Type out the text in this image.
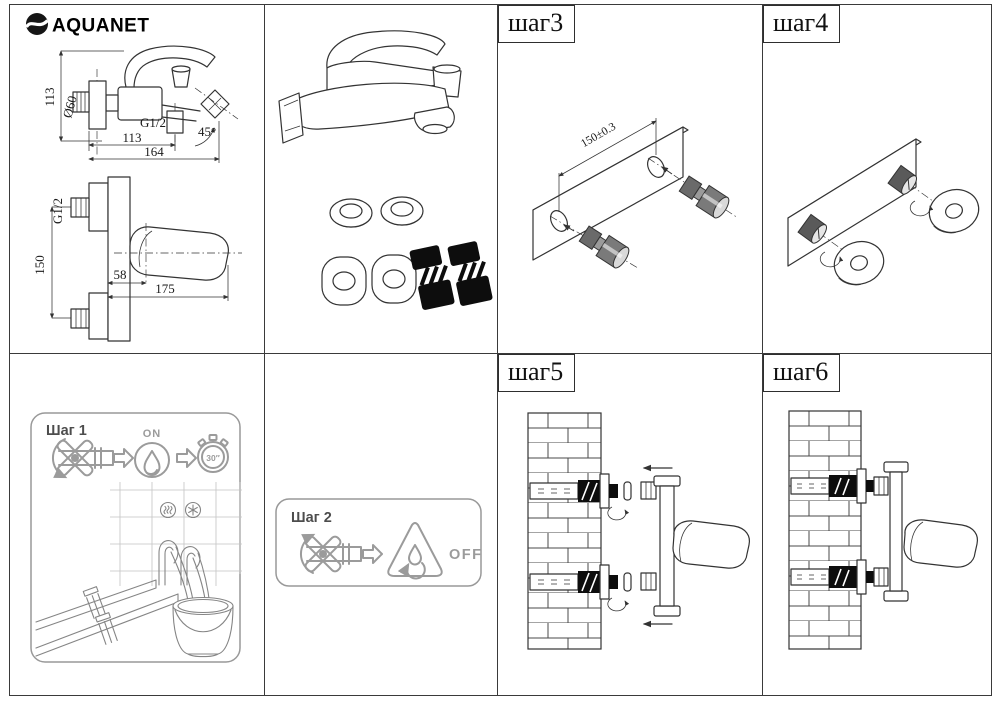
AQUANET
113 Ø60
G1/2
113
164
45°
150
G1/2
58
175
шаг3
150±0.3
шаг4
Шаг 1	ON
30″
Шаг 2
OFF
шаг5	шаг6
